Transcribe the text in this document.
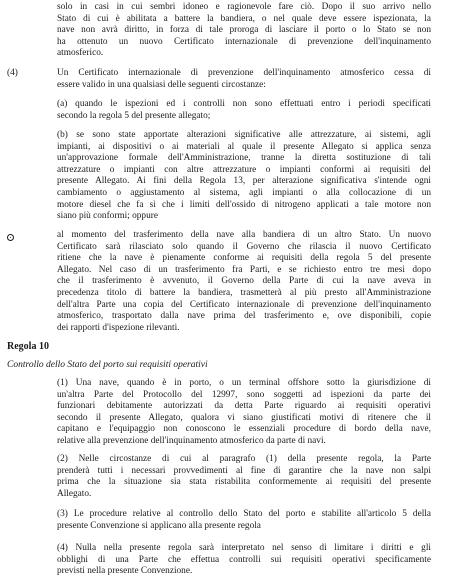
solo in casi in cui sembri idoneo e ragionevole fare ciò. Dopo il suo arrivo nello
Stato di cui è abilitata a battere la bandiera, o nel quale deve essere ispezionata, la
nave non avrà diritto, in forza di tale proroga di lasciare il porto o lo Stato se non
ha ottenuto un nuovo Certificato internazionale di prevenzione dell'inquinamento
atmosferico.
(4)	Un Certificato internazionale di prevenzione dell'inquinamento atmosferico cessa di
essere valido in una qualsiasi delle seguenti circostanze:
(a) quando le ispezioni ed i controlli non sono effettuati entro i periodi specificati
secondo la regola 5 del presente allegato;
(b) se sono state apportate alterazioni significative alle attrezzature, ai sistemi, agli
impianti, ai dispositivi o ai materiali al quale il presente Allegato si applica senza
un'approvazione formale dell'Amministrazione, tranne la diretta sostituzione di tali
attrezzature o impianti con altre attrezzature o impianti conformi ai requisiti del
presente Allegato. Ai fini della Regola 13, per alterazione significativa s'intende ogni
cambiamento o aggiustamento al sistema, agli impianti o alla collocazione di un
motore diesel che fa sì che i limiti dell'ossido di nitrogeno applicati a tale motore non
siano più conformi; oppure
al momento del trasferimento della nave alla bandiera di un altro Stato. Un nuovo
Certificato sarà rilasciato solo quando il Governo che rilascia il nuovo Certificato
ritiene che la nave è pienamente conforme ai requisiti della regola 5 del presente
Allegato. Nel caso di un trasferimento fra Parti, e se richiesto entro tre mesi dopo
che il trasferimento è avvenuto, il Governo della Parte di cui la nave aveva in
precedenza titolo di battere la bandiera, trasmetterà al più presto all'Amministrazione
dell'altra Parte una copia del Certificato internazionale di prevenzione dell'inquinamento
atmosferico, trasportato dalla nave prima del trasferimento e, ove disponibili, copie
dei rapporti d'ispezione rilevanti.
Regola 10
Controllo dello Stato del porto sui requisiti operativi
(1) Una nave, quando è in porto, o un terminal offshore sotto la giurisdizione di
un'altra Parte del Protocollo del 12997, sono soggetti ad ispezioni da parte dei
funzionari debitamente autorizzati da detta Parte riguardo ai requisiti operativi
secondo il presente Allegato, qualora vi siano giustificati motivi di ritenere che il
capitano e l'equipaggio non conoscono le essenziali procedure di bordo della nave,
relative alla prevenzione dell'inquinamento atmosferico da parte di navi.
(2) Nelle circostanze di cui al paragrafo (1) della presente regola, la Parte
prenderà tutti i necessari provvedimenti al fine di garantire che la nave non salpi
prima che la situazione sia stata ristabilita conformemente ai requisiti del presente
Allegato.
(3) Le procedure relative al controllo dello Stato del porto e stabilite all'articolo 5 della
presente Convenzione si applicano alla presente regola
(4) Nulla nella presente regola sarà interpretato nel senso di limitare i diritti e gli
obblighi di una Parte che effettua controlli sui requisiti operativi specificamente
previsti nella presente Convenzione.
